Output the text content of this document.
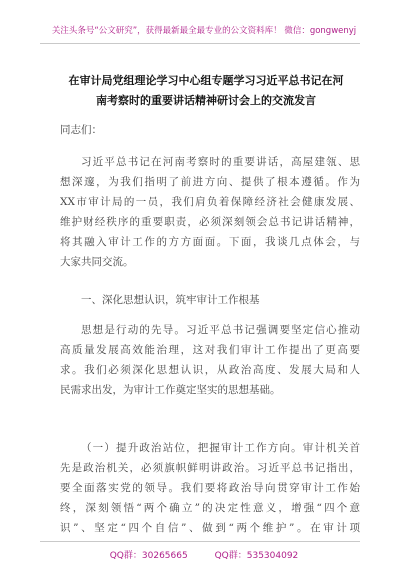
关注头条号“公文研究”，获得最新最全最专业的公文资料库！ 微信：gongwenyj
在审计局党组理论学习中心组专题学习习近平总书记在河
南考察时的重要讲话精神研讨会上的交流发言
同志们：
习近平总书记在河南考察时的重要讲话，高屋建瓴、思
想深邃，为我们指明了前进方向、提供了根本遵循。作为
XX市审计局的一员，我们肩负着保障经济社会健康发展、
维护财经秩序的重要职责，必须深刻领会总书记讲话精神，
将其融入审计工作的方方面面。下面，我谈几点体会，与
大家共同交流。
一、深化思想认识，筑牢审计工作根基
思想是行动的先导。习近平总书记强调要坚定信心推动
高质量发展高效能治理，这对我们审计工作提出了更高要
求。我们必须深化思想认识，从政治高度、发展大局和人
民需求出发，为审计工作奠定坚实的思想基础。
（一）提升政治站位，把握审计工作方向。审计机关首
先是政治机关，必须旗帜鲜明讲政治。习近平总书记指出，
要全面落实党的领导。我们要将政治导向贯穿审计工作始
终，深刻领悟“两个确立”的决定性意义，增强“四个意
识”、坚定“四个自信”、做到“两个维护”。在审计项
QQ群：30265665	QQ群：535304092
